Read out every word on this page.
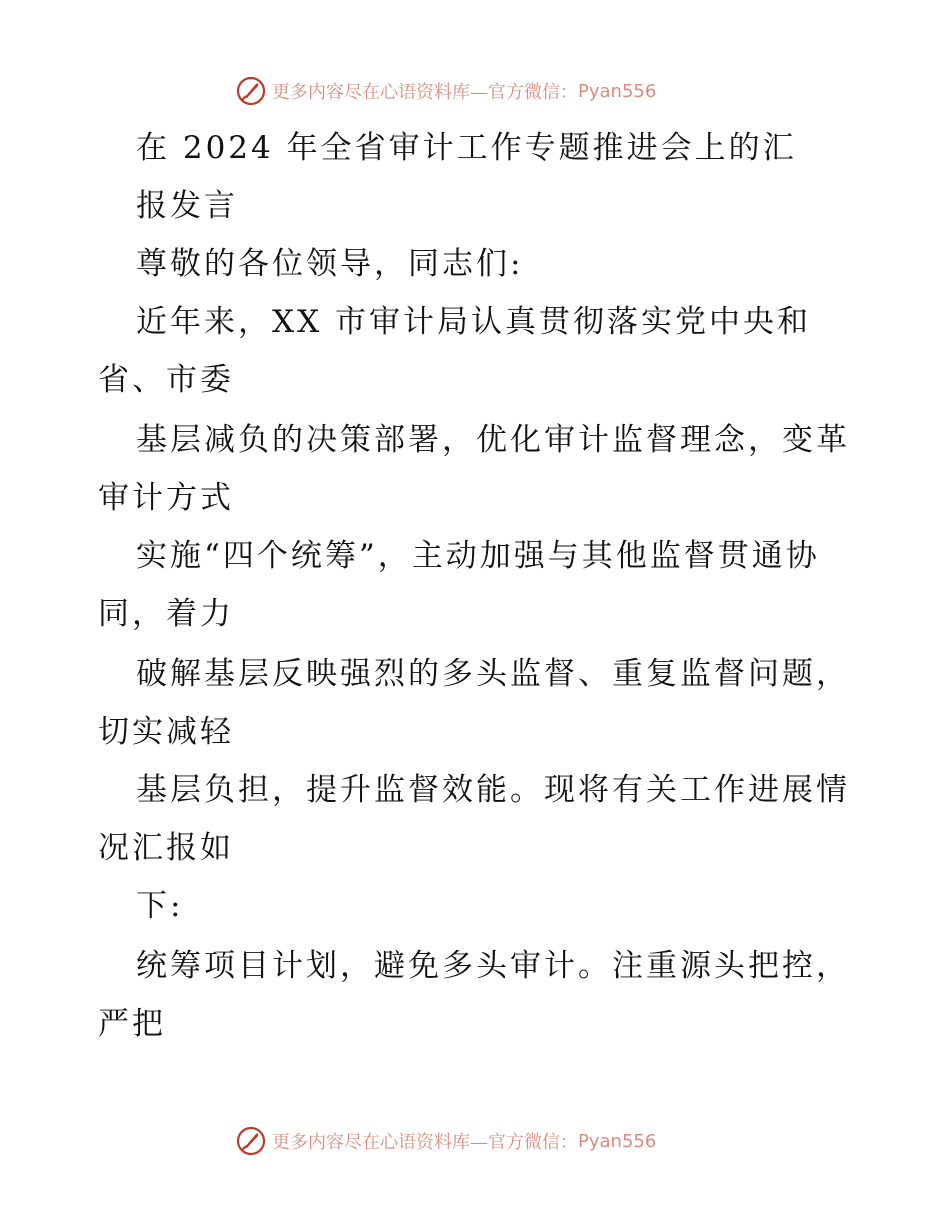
更多内容尽在心语资料库 —官方微信： Pyan556
在 2024 年全省审计工作专题推进会上的汇
报发言
尊敬的各位领导，同志们:
近年来，XX 市审计局认真贯彻落实党中央和
省、市委
基层减负的决策部署，优化审计监督理念，变革
审计方式
实施“四个统筹”，主动加强与其他监督贯通协
同，着力
破解基层反映强烈的多头监督、重复监督问题，
切实减轻
基层负担，提升监督效能。现将有关工作进展情
况汇报如
下:
统筹项目计划，避免多头审计。注重源头把控，
严把
更多内容尽在心语资料库 —官方微信： Pyan556
